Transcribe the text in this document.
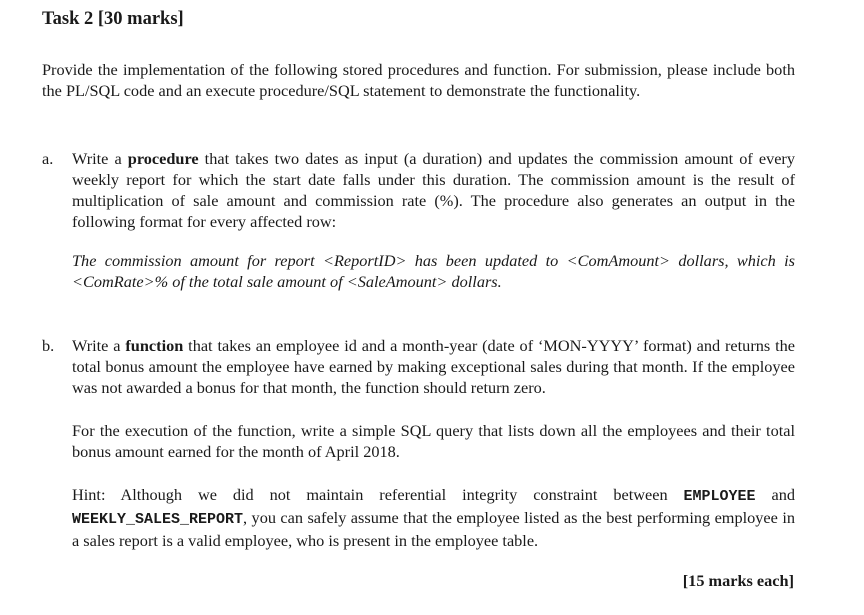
Task 2 [30 marks]

Provide the implementation of the following stored procedures and function. For submission, please include both the PL/SQL code and an execute procedure/SQL statement to demonstrate the functionality.

a. Write a procedure that takes two dates as input (a duration) and updates the commission amount of every weekly report for which the start date falls under this duration. The commission amount is the result of multiplication of sale amount and commission rate (%). The procedure also generates an output in the following format for every affected row:

The commission amount for report <ReportID> has been updated to <ComAmount> dollars, which is <ComRate>% of the total sale amount of <SaleAmount> dollars.

b. Write a function that takes an employee id and a month-year (date of ‘MON-YYYY’ format) and returns the total bonus amount the employee have earned by making exceptional sales during that month. If the employee was not awarded a bonus for that month, the function should return zero.

For the execution of the function, write a simple SQL query that lists down all the employees and their total bonus amount earned for the month of April 2018.

Hint: Although we did not maintain referential integrity constraint between EMPLOYEE and WEEKLY_SALES_REPORT, you can safely assume that the employee listed as the best performing employee in a sales report is a valid employee, who is present in the employee table.

[15 marks each]
